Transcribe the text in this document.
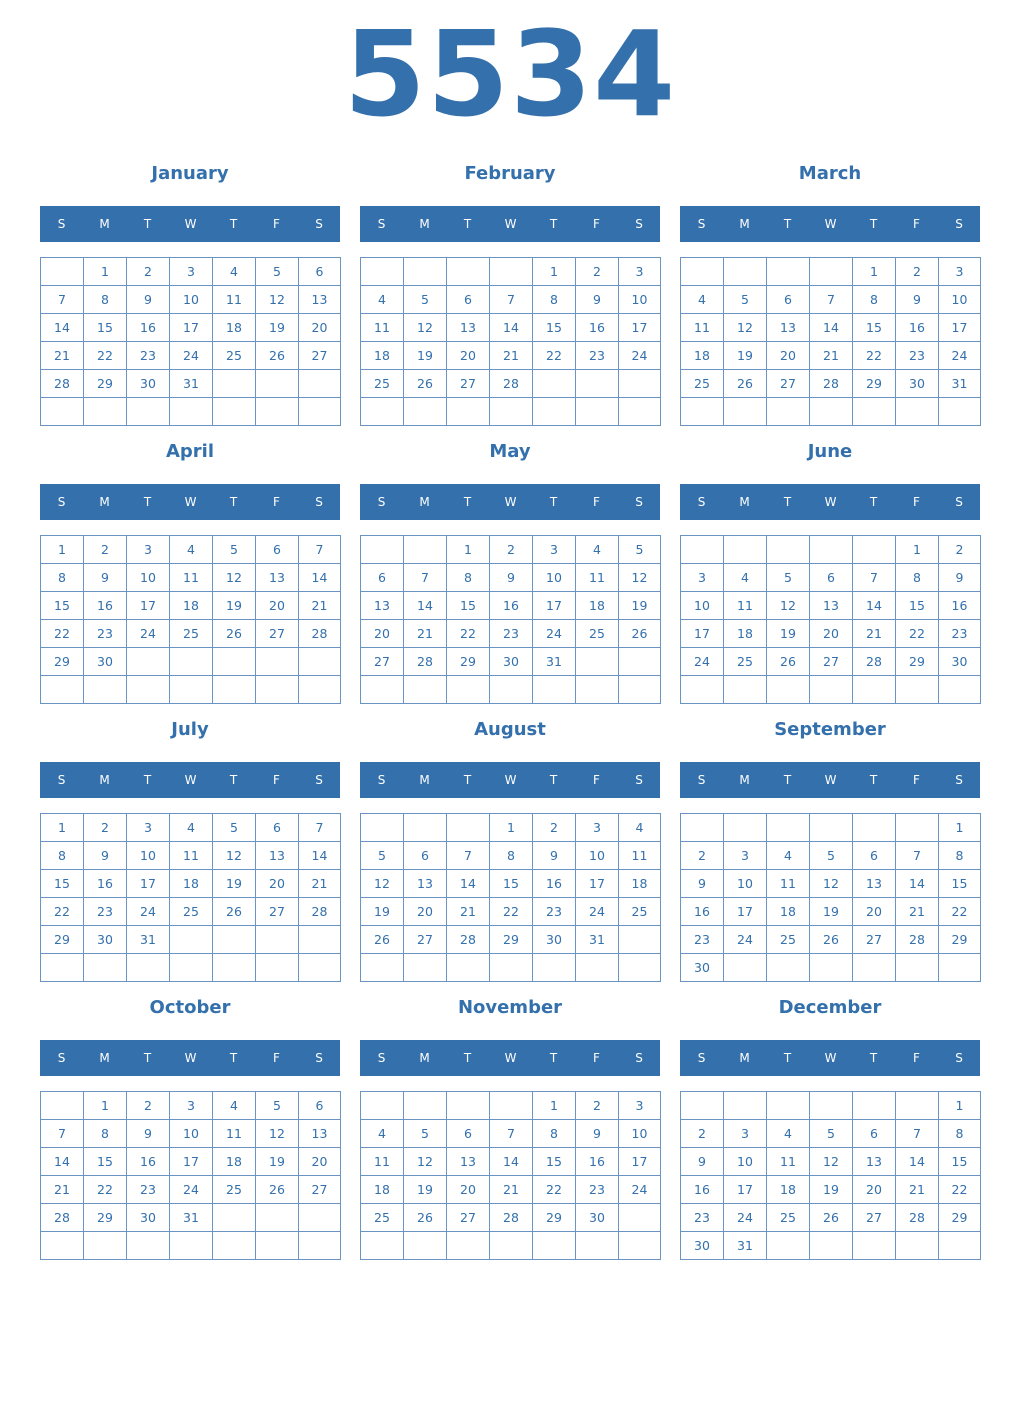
5534
January
S	M	T	W	T	F	S
	1	2	3	4	5	6
7	8	9	10	11	12	13
14	15	16	17	18	19	20
21	22	23	24	25	26	27
28	29	30	31			

February
S	M	T	W	T	F	S
				1	2	3
4	5	6	7	8	9	10
11	12	13	14	15	16	17
18	19	20	21	22	23	24
25	26	27	28			

March
S	M	T	W	T	F	S
				1	2	3
4	5	6	7	8	9	10
11	12	13	14	15	16	17
18	19	20	21	22	23	24
25	26	27	28	29	30	31

April
S	M	T	W	T	F	S
1	2	3	4	5	6	7
8	9	10	11	12	13	14
15	16	17	18	19	20	21
22	23	24	25	26	27	28
29	30					

May
S	M	T	W	T	F	S
		1	2	3	4	5
6	7	8	9	10	11	12
13	14	15	16	17	18	19
20	21	22	23	24	25	26
27	28	29	30	31		

June
S	M	T	W	T	F	S
					1	2
3	4	5	6	7	8	9
10	11	12	13	14	15	16
17	18	19	20	21	22	23
24	25	26	27	28	29	30

July
S	M	T	W	T	F	S
1	2	3	4	5	6	7
8	9	10	11	12	13	14
15	16	17	18	19	20	21
22	23	24	25	26	27	28
29	30	31				

August
S	M	T	W	T	F	S
			1	2	3	4
5	6	7	8	9	10	11
12	13	14	15	16	17	18
19	20	21	22	23	24	25
26	27	28	29	30	31	

September
S	M	T	W	T	F	S
						1
2	3	4	5	6	7	8
9	10	11	12	13	14	15
16	17	18	19	20	21	22
23	24	25	26	27	28	29
30						
October
S	M	T	W	T	F	S
	1	2	3	4	5	6
7	8	9	10	11	12	13
14	15	16	17	18	19	20
21	22	23	24	25	26	27
28	29	30	31			

November
S	M	T	W	T	F	S
				1	2	3
4	5	6	7	8	9	10
11	12	13	14	15	16	17
18	19	20	21	22	23	24
25	26	27	28	29	30	

December
S	M	T	W	T	F	S
						1
2	3	4	5	6	7	8
9	10	11	12	13	14	15
16	17	18	19	20	21	22
23	24	25	26	27	28	29
30	31					
